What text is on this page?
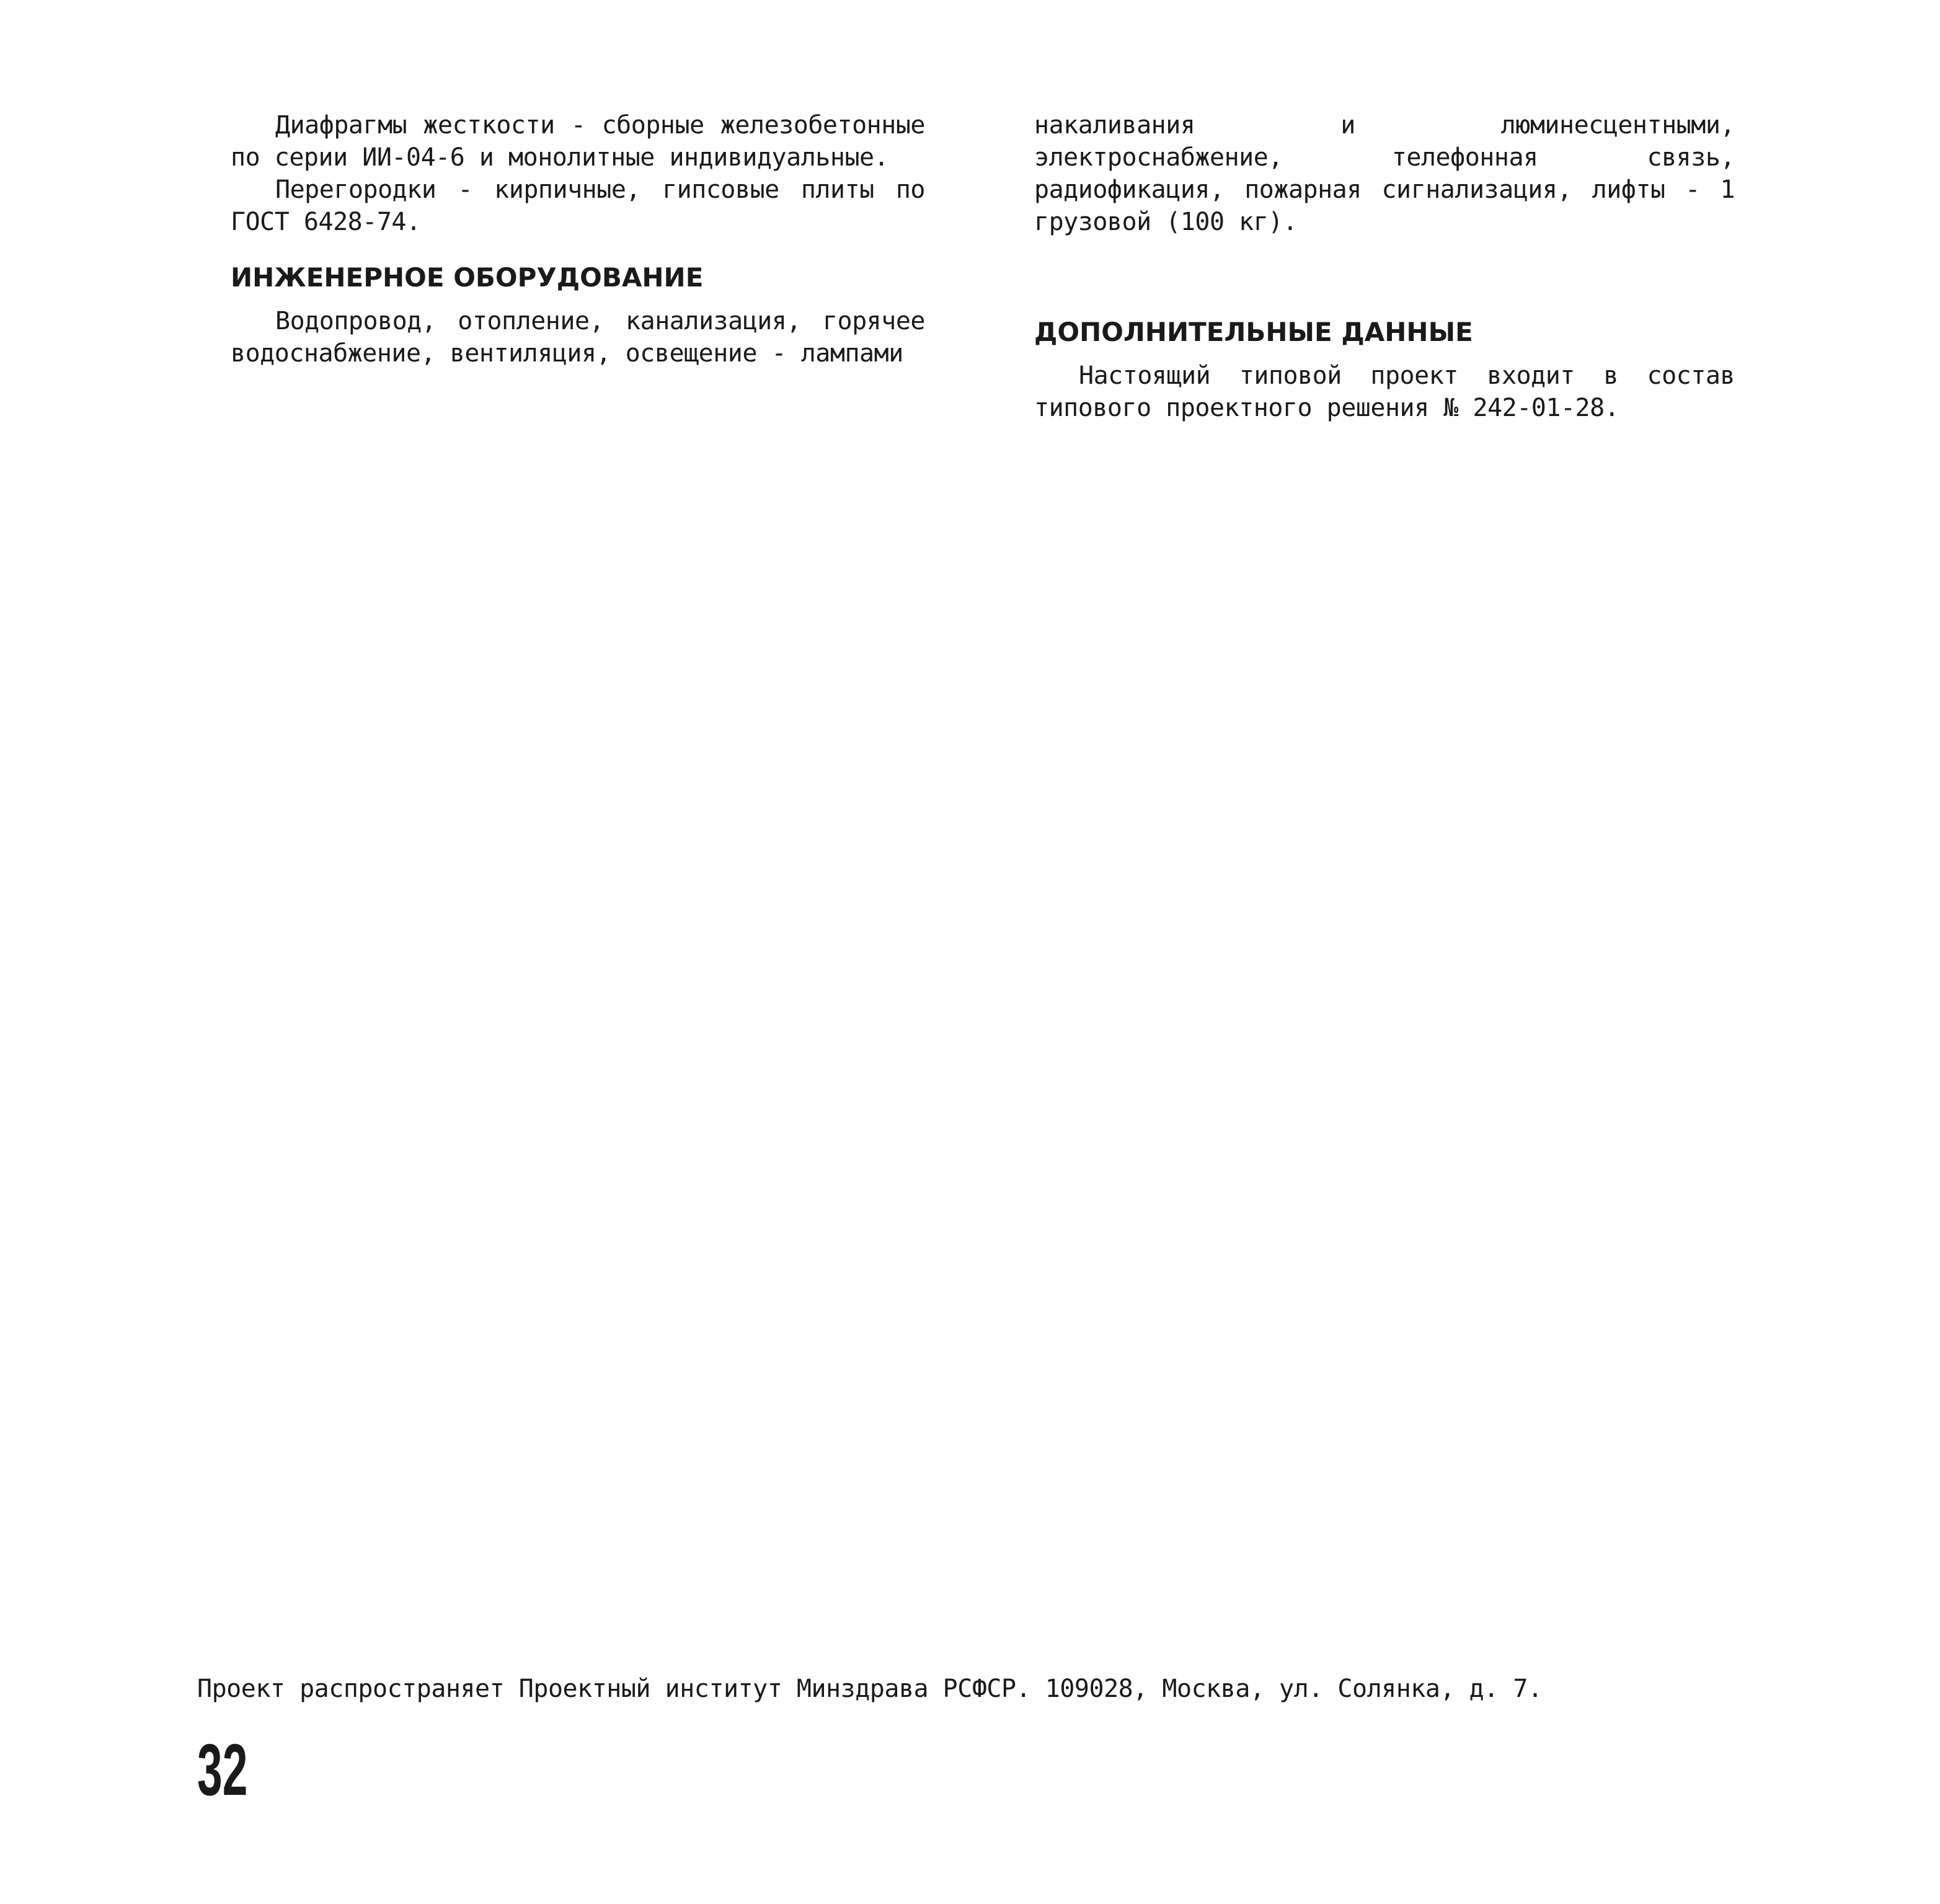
Диафрагмы жесткости - сборные железобетонные по серии ИИ-04-6 и монолитные индивидуальные.

Перегородки - кирпичные, гипсовые плиты по ГОСТ 6428-74.

ИНЖЕНЕРНОЕ ОБОРУДОВАНИЕ

Водопровод, отопление, канализация, горячее водоснабжение, вентиляция, освещение - лампами

накаливания и люминесцентными, электроснабжение, телефонная связь, радиофикация, пожарная сигнализация, лифты - 1 грузовой (100 кг).

ДОПОЛНИТЕЛЬНЫЕ ДАННЫЕ

Настоящий типовой проект входит в состав типового проектного решения № 242-01-28.

Проект распространяет Проектный институт Минздрава РСФСР. 109028, Москва, ул. Солянка, д. 7.
32
